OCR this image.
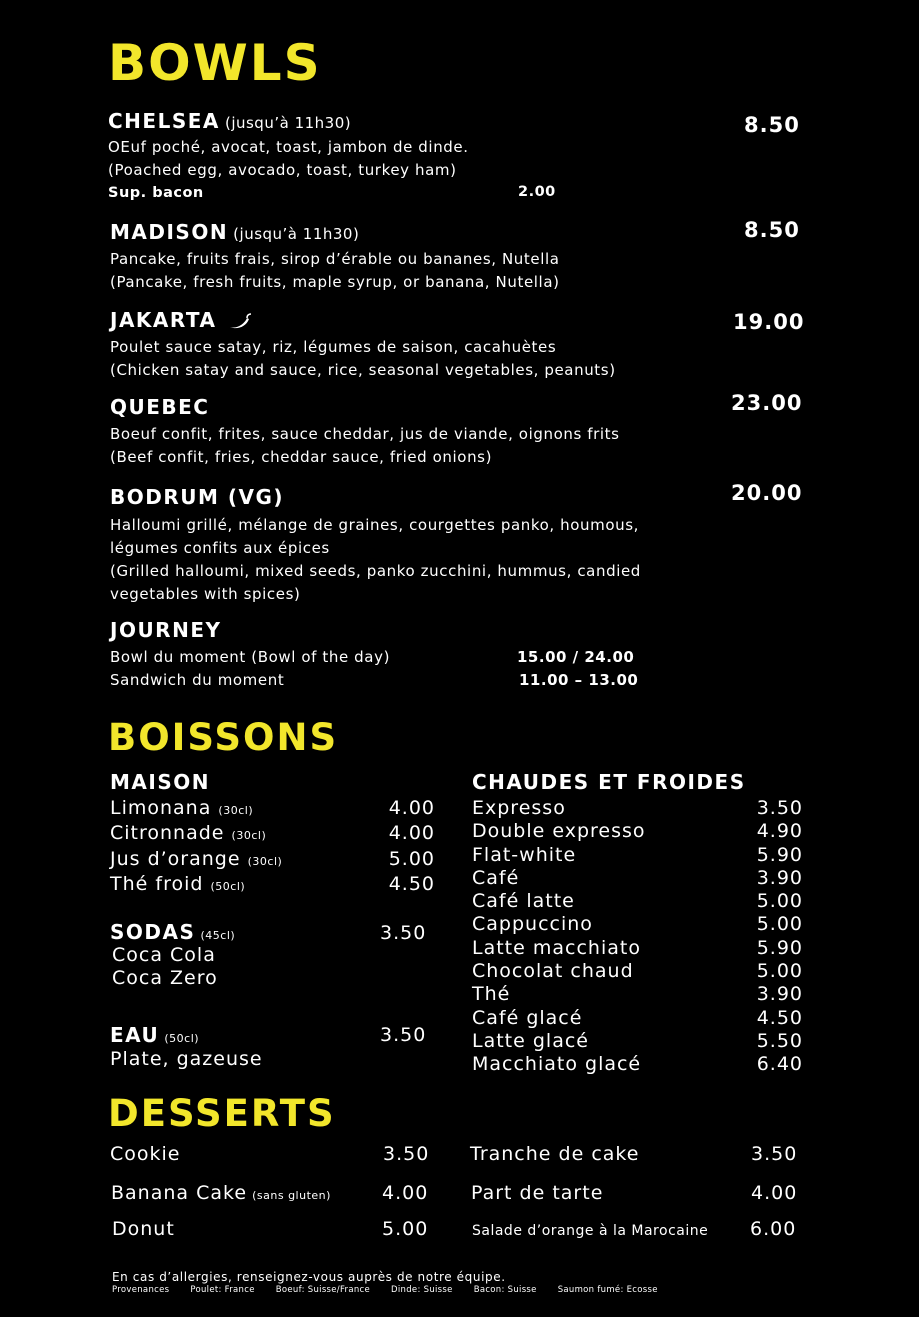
BOWLS
CHELSEA (jusqu’à 11h30)	8.50
OEuf poché, avocat, toast, jambon de dinde.
(Poached egg, avocado, toast, turkey ham)
Sup. bacon	2.00
MADISON (jusqu’à 11h30)	8.50
Pancake, fruits frais, sirop d’érable ou bananes, Nutella
(Pancake, fresh fruits, maple syrup, or banana, Nutella)
JAKARTA	19.00
Poulet sauce satay, riz, légumes de saison, cacahuètes
(Chicken satay and sauce, rice, seasonal vegetables, peanuts)
QUEBEC	23.00
Boeuf confit, frites, sauce cheddar, jus de viande, oignons frits
(Beef confit, fries, cheddar sauce, fried onions)
BODRUM (VG)	20.00
Halloumi grillé, mélange de graines, courgettes panko, houmous,
légumes confits aux épices
(Grilled halloumi, mixed seeds, panko zucchini, hummus, candied
vegetables with spices)
JOURNEY
Bowl du moment (Bowl of the day)	15.00 / 24.00
Sandwich du moment	11.00 – 13.00
BOISSONS
MAISON
Limonana (30cl)	4.00
Citronnade (30cl)	4.00
Jus d’orange (30cl)	5.00
Thé froid (50cl)	4.50
SODAS (45cl)	3.50
Coca Cola
Coca Zero
EAU (50cl)	3.50
Plate, gazeuse
CHAUDES ET FROIDES
Expresso	3.50
Double expresso	4.90
Flat-white	5.90
Café	3.90
Café latte	5.00
Cappuccino	5.00
Latte macchiato	5.90
Chocolat chaud	5.00
Thé	3.90
Café glacé	4.50
Latte glacé	5.50
Macchiato glacé	6.40
DESSERTS
Cookie	3.50
Banana Cake (sans gluten)	4.00
Donut	5.00
Tranche de cake	3.50
Part de tarte	4.00
Salade d’orange à la Marocaine 6.00
En cas d’allergies, renseignez-vous auprès de notre équipe.
Provenances Poulet: France Boeuf: Suisse/France Dinde: Suisse Bacon: Suisse Saumon fumé: Ecosse
